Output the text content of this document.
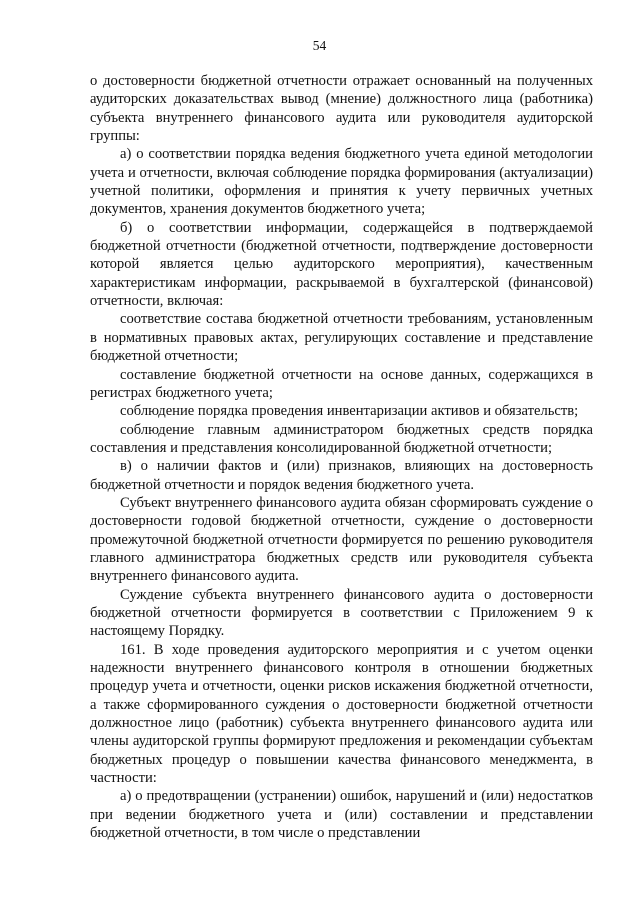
54

о достоверности бюджетной отчетности отражает основанный на полученных аудиторских доказательствах вывод (мнение) должностного лица (работника) субъекта внутреннего финансового аудита или руководителя аудиторской группы:

а) о соответствии порядка ведения бюджетного учета единой методологии учета и отчетности, включая соблюдение порядка формирования (актуализации) учетной политики, оформления и принятия к учету первичных учетных документов, хранения документов бюджетного учета;

б) о соответствии информации, содержащейся в подтверждаемой бюджетной отчетности (бюджетной отчетности, подтверждение достоверности которой является целью аудиторского мероприятия), качественным характеристикам информации, раскрываемой в бухгалтерской (финансовой) отчетности, включая:

соответствие состава бюджетной отчетности требованиям, установленным в нормативных правовых актах, регулирующих составление и представление бюджетной отчетности;

составление бюджетной отчетности на основе данных, содержащихся в регистрах бюджетного учета;

соблюдение порядка проведения инвентаризации активов и обязательств;

соблюдение главным администратором бюджетных средств порядка составления и представления консолидированной бюджетной отчетности;

в) о наличии фактов и (или) признаков, влияющих на достоверность бюджетной отчетности и порядок ведения бюджетного учета.

Субъект внутреннего финансового аудита обязан сформировать суждение о достоверности годовой бюджетной отчетности, суждение о достоверности промежуточной бюджетной отчетности формируется по решению руководителя главного администратора бюджетных средств или руководителя субъекта внутреннего финансового аудита.

Суждение субъекта внутреннего финансового аудита о достоверности бюджетной отчетности формируется в соответствии с Приложением 9 к настоящему Порядку.

161. В ходе проведения аудиторского мероприятия и с учетом оценки надежности внутреннего финансового контроля в отношении бюджетных процедур учета и отчетности, оценки рисков искажения бюджетной отчетности, а также сформированного суждения о достоверности бюджетной отчетности должностное лицо (работник) субъекта внутреннего финансового аудита или члены аудиторской группы формируют предложения и рекомендации субъектам бюджетных процедур о повышении качества финансового менеджмента, в частности:

а) о предотвращении (устранении) ошибок, нарушений и (или) недостатков при ведении бюджетного учета и (или) составлении и представлении бюджетной отчетности, в том числе о представлении
